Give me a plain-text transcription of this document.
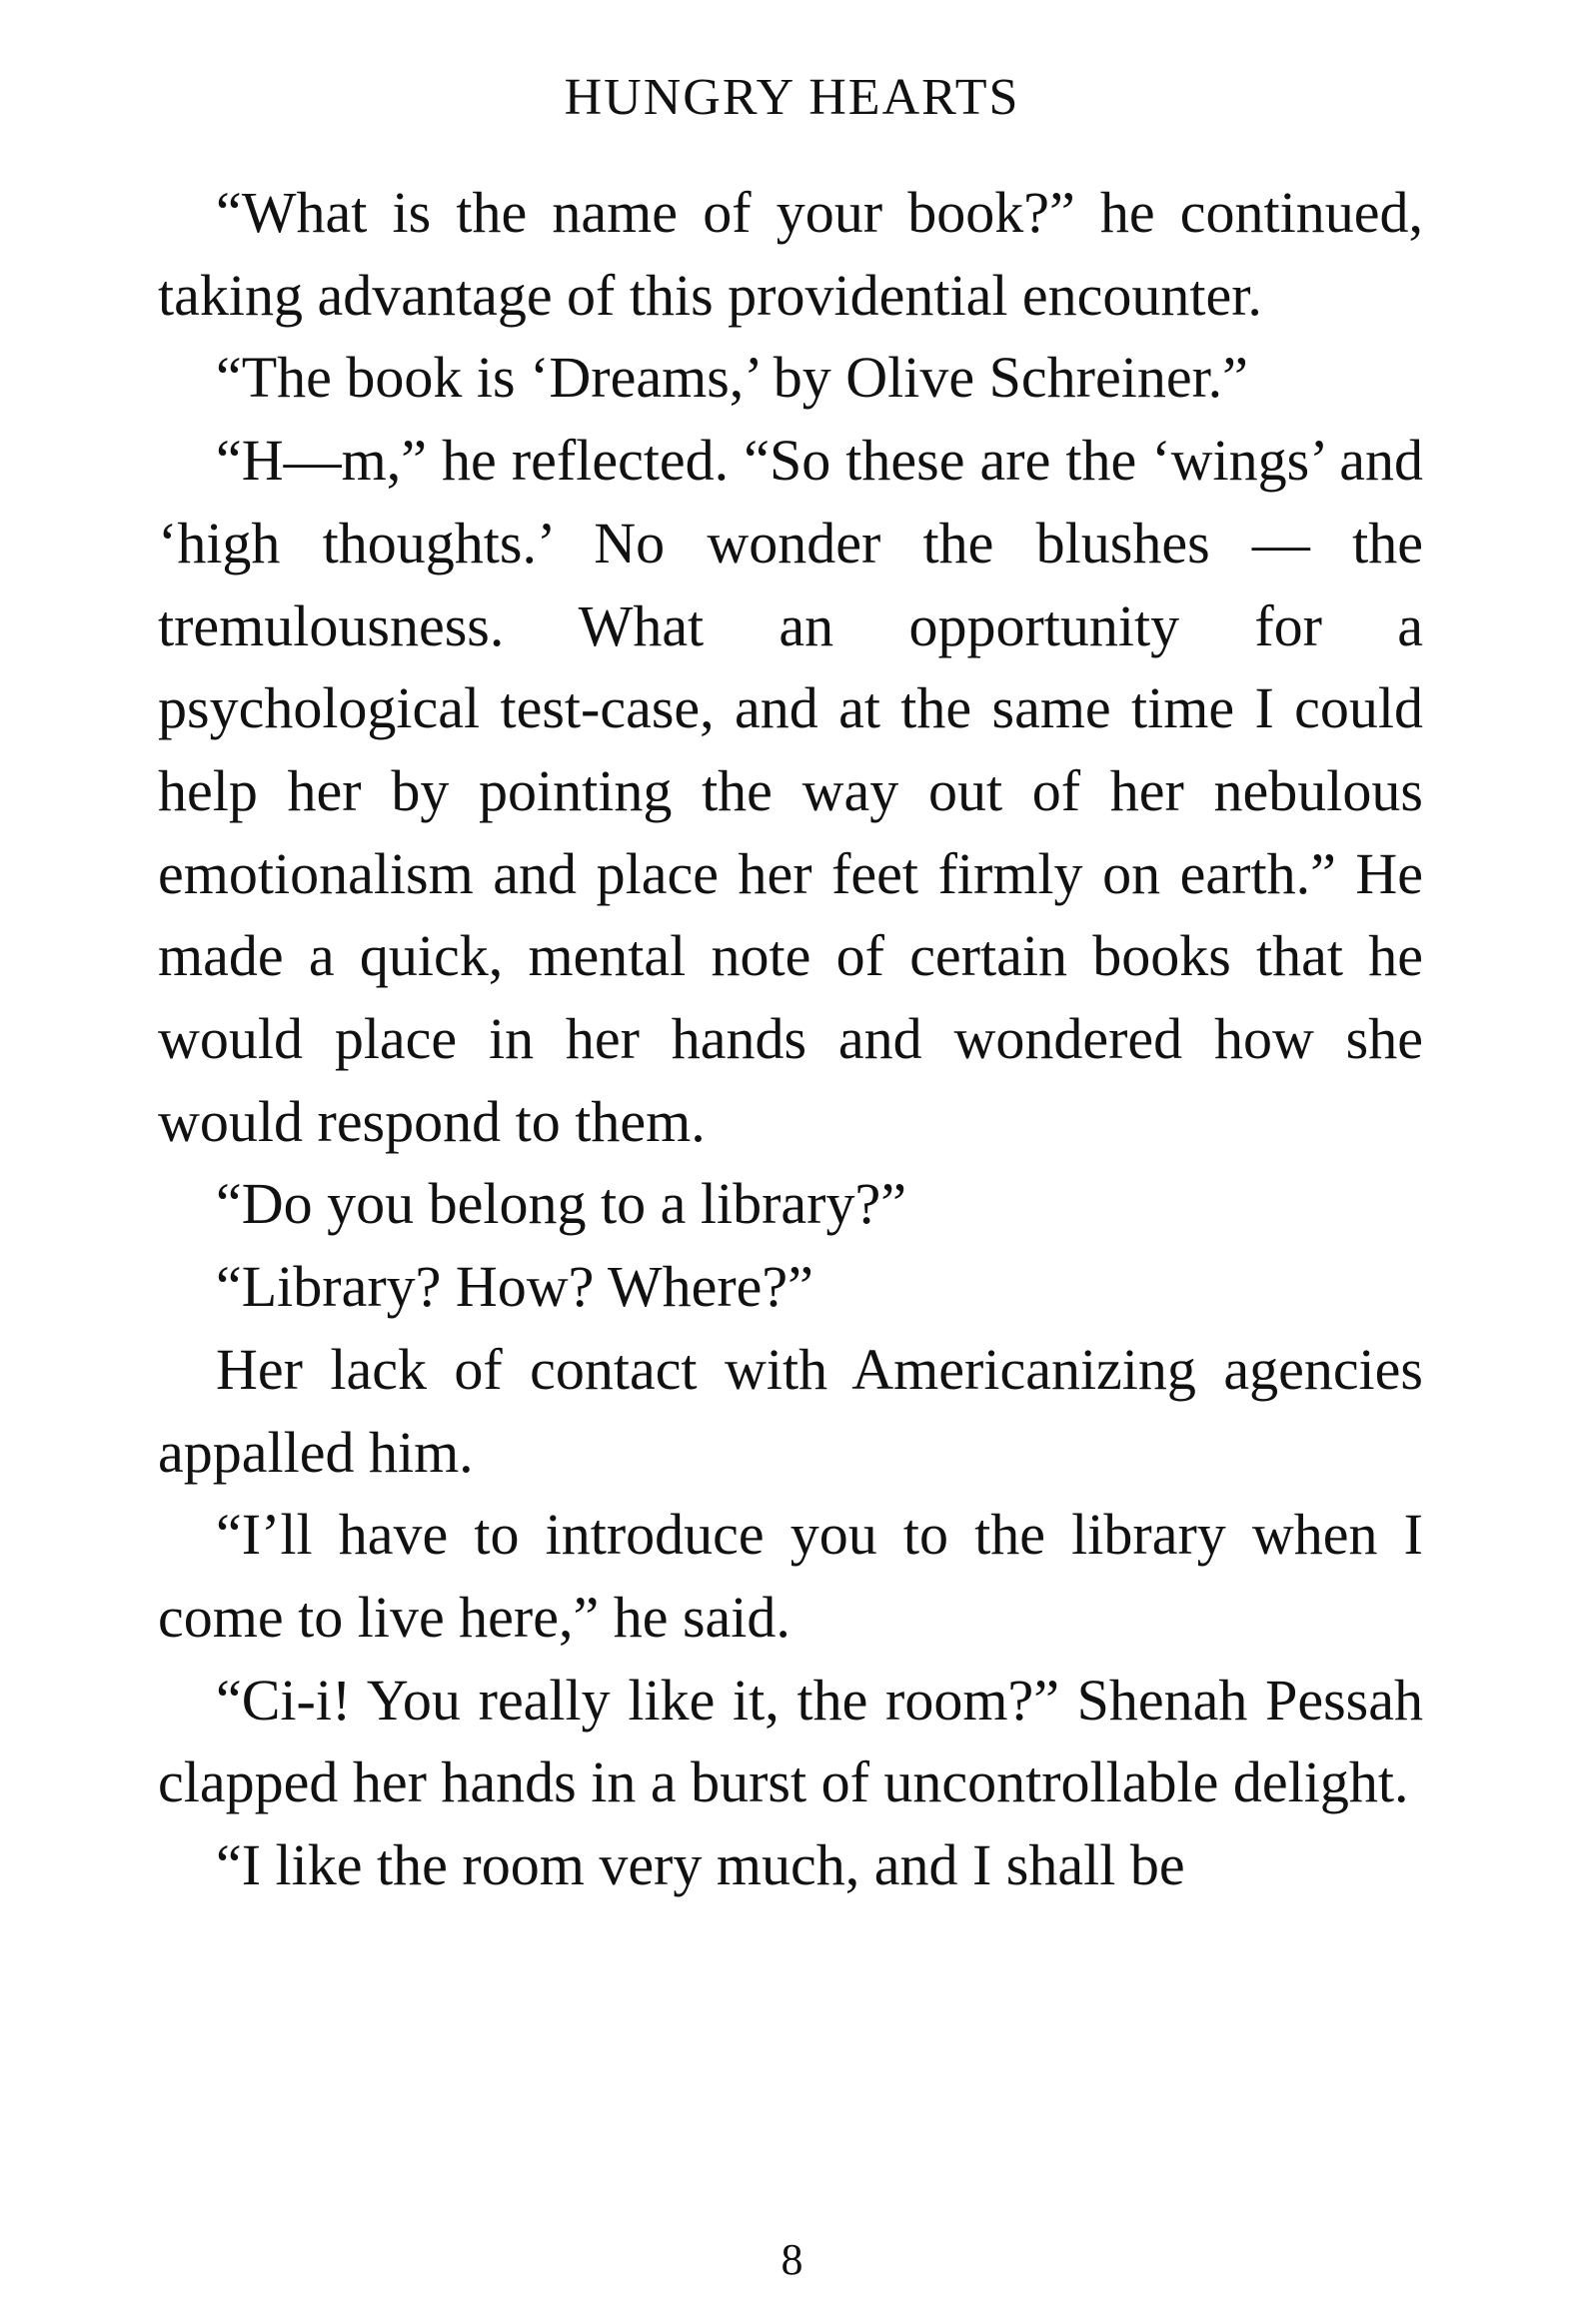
HUNGRY HEARTS

“What is the name of your book?” he continued, taking advantage of this providential encounter.

“The book is ‘Dreams,’ by Olive Schreiner.”

“H—m,” he reflected. “So these are the ‘wings’ and ‘high thoughts.’ No wonder the blushes — the tremulousness. What an opportunity for a psychological test-case, and at the same time I could help her by pointing the way out of her nebulous emotionalism and place her feet firmly on earth.” He made a quick, mental note of certain books that he would place in her hands and wondered how she would respond to them.

“Do you belong to a library?”

“Library? How? Where?”

Her lack of contact with Americanizing agencies appalled him.

“I’ll have to introduce you to the library when I come to live here,” he said.

“Ci-i! You really like it, the room?” Shenah Pessah clapped her hands in a burst of uncontrollable delight.

“I like the room very much, and I shall be

8
